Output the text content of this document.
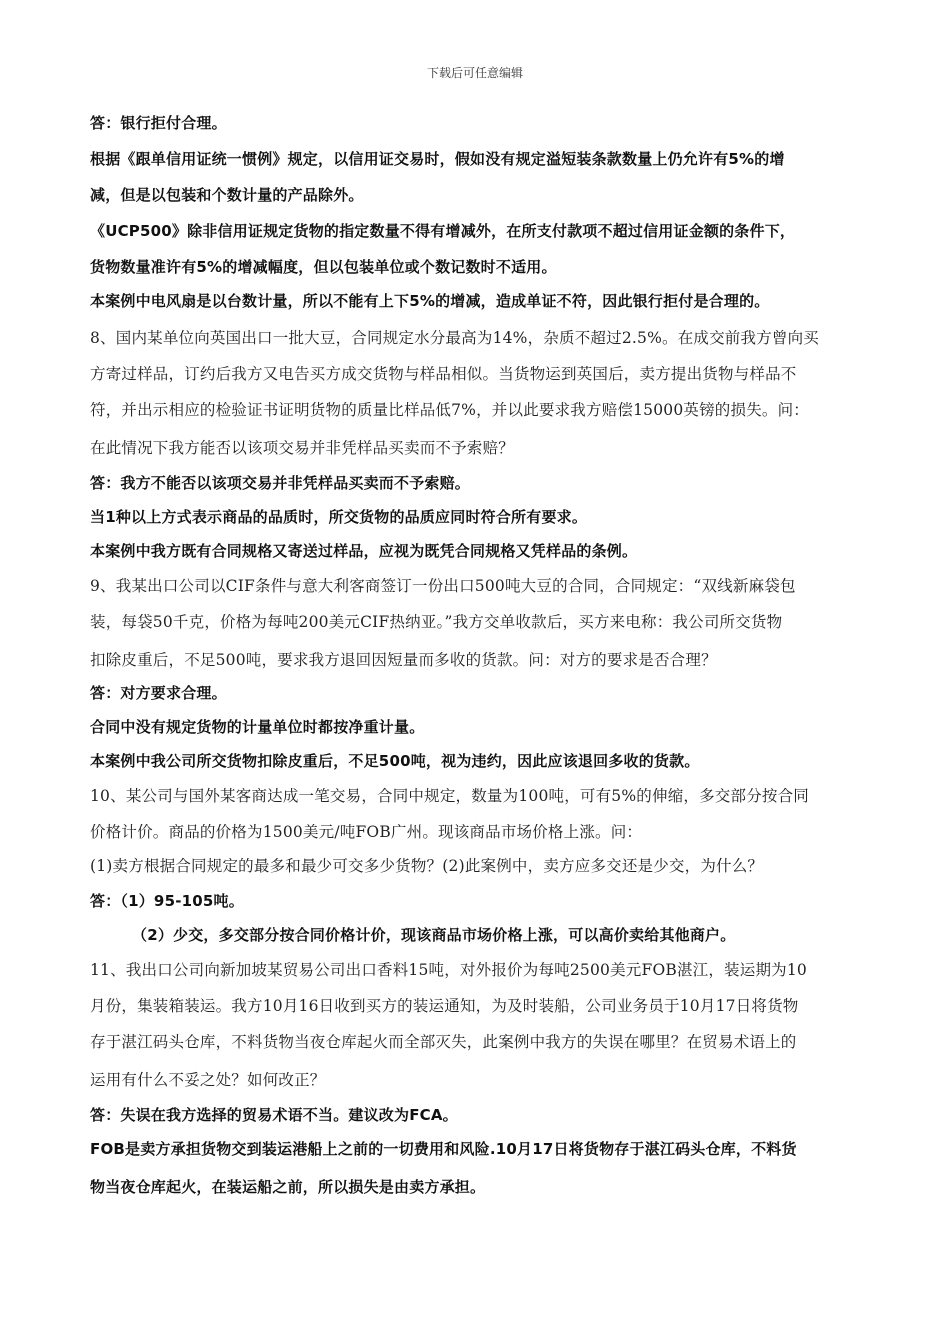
下载后可任意编辑

答：银行拒付合理。

根据《跟单信用证统一惯例》规定，以信用证交易时，假如没有规定溢短装条款数量上仍允许有5%的增

减，但是以包装和个数计量的产品除外。

《UCP500》除非信用证规定货物的指定数量不得有增减外，在所支付款项不超过信用证金额的条件下，

货物数量准许有5%的增减幅度，但以包装单位或个数记数时不适用。

本案例中电风扇是以台数计量，所以不能有上下5%的增减，造成单证不符，因此银行拒付是合理的。

8、国内某单位向英国出口一批大豆，合同规定水分最高为14%，杂质不超过2.5%。在成交前我方曾向买

方寄过样品，订约后我方又电告买方成交货物与样品相似。当货物运到英国后，卖方提出货物与样品不

符，并出示相应的检验证书证明货物的质量比样品低7%，并以此要求我方赔偿15000英镑的损失。问：

在此情况下我方能否以该项交易并非凭样品买卖而不予索赔？

答：我方不能否以该项交易并非凭样品买卖而不予索赔。

当1种以上方式表示商品的品质时，所交货物的品质应同时符合所有要求。

本案例中我方既有合同规格又寄送过样品，应视为既凭合同规格又凭样品的条例。

9、我某出口公司以CIF条件与意大利客商签订一份出口500吨大豆的合同，合同规定：“双线新麻袋包

装，每袋50千克，价格为每吨200美元CIF热纳亚。”我方交单收款后，买方来电称：我公司所交货物

扣除皮重后，不足500吨，要求我方退回因短量而多收的货款。问：对方的要求是否合理？

答：对方要求合理。

合同中没有规定货物的计量单位时都按净重计量。

本案例中我公司所交货物扣除皮重后，不足500吨，视为违约，因此应该退回多收的货款。

10、某公司与国外某客商达成一笔交易，合同中规定，数量为100吨，可有5%的伸缩，多交部分按合同

价格计价。商品的价格为1500美元/吨FOB广州。现该商品市场价格上涨。问：

(1)卖方根据合同规定的最多和最少可交多少货物？(2)此案例中，卖方应多交还是少交，为什么？

答：（1）95-105吨。

（2）少交，多交部分按合同价格计价，现该商品市场价格上涨，可以高价卖给其他商户。

11、我出口公司向新加坡某贸易公司出口香料15吨，对外报价为每吨2500美元FOB湛江，装运期为10

月份，集装箱装运。我方10月16日收到买方的装运通知，为及时装船，公司业务员于10月17日将货物

存于湛江码头仓库，不料货物当夜仓库起火而全部灭失，此案例中我方的失误在哪里？在贸易术语上的

运用有什么不妥之处？如何改正？

答：失误在我方选择的贸易术语不当。建议改为FCA。

FOB是卖方承担货物交到装运港船上之前的一切费用和风险.10月17日将货物存于湛江码头仓库，不料货

物当夜仓库起火，在装运船之前，所以损失是由卖方承担。
